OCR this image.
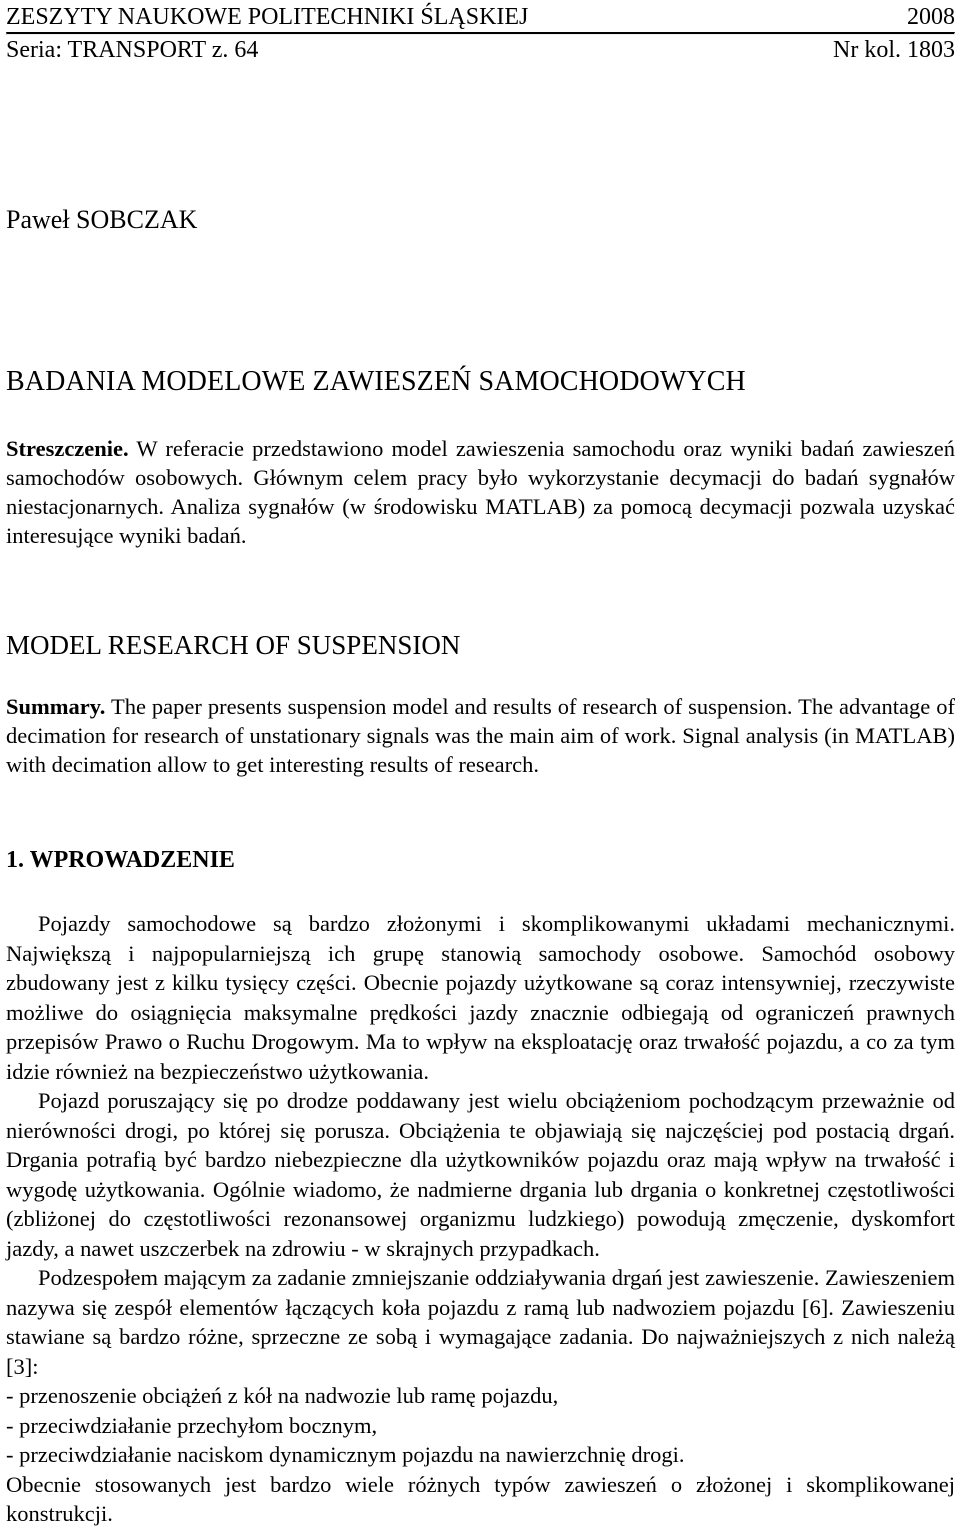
ZESZYTY NAUKOWE POLITECHNIKI ŚLĄSKIEJ	2008
Seria: TRANSPORT z. 64	Nr kol. 1803
Paweł SOBCZAK
BADANIA MODELOWE ZAWIESZEŃ SAMOCHODOWYCH
Streszczenie. W referacie przedstawiono model zawieszenia samochodu oraz wyniki badań zawieszeń samochodów osobowych. Głównym celem pracy było wykorzystanie decymacji do badań sygnałów niestacjonarnych. Analiza sygnałów (w środowisku MATLAB) za pomocą decymacji pozwala uzyskać interesujące wyniki badań.
MODEL RESEARCH OF SUSPENSION
Summary. The paper presents suspension model and results of research of suspension. The advantage of decimation for research of unstationary signals was the main aim of work. Signal analysis (in MATLAB) with decimation allow to get interesting results of research.
1. WPROWADZENIE

Pojazdy samochodowe są bardzo złożonymi i skomplikowanymi układami mechanicznymi. Największą i najpopularniejszą ich grupę stanowią samochody osobowe. Samochód osobowy zbudowany jest z kilku tysięcy części. Obecnie pojazdy użytkowane są coraz intensywniej, rzeczywiste możliwe do osiągnięcia maksymalne prędkości jazdy znacznie odbiegają od ograniczeń prawnych przepisów Prawo o Ruchu Drogowym. Ma to wpływ na eksploatację oraz trwałość pojazdu, a co za tym idzie również na bezpieczeństwo użytkowania.

Pojazd poruszający się po drodze poddawany jest wielu obciążeniom pochodzącym przeważnie od nierówności drogi, po której się porusza. Obciążenia te objawiają się najczęściej pod postacią drgań. Drgania potrafią być bardzo niebezpieczne dla użytkowników pojazdu oraz mają wpływ na trwałość i wygodę użytkowania. Ogólnie wiadomo, że nadmierne drgania lub drgania o konkretnej częstotliwości (zbliżonej do częstotliwości rezonansowej organizmu ludzkiego) powodują zmęczenie, dyskomfort jazdy, a nawet uszczerbek na zdrowiu - w skrajnych przypadkach.

Podzespołem mającym za zadanie zmniejszanie oddziaływania drgań jest zawieszenie. Zawieszeniem nazywa się zespół elementów łączących koła pojazdu z ramą lub nadwoziem pojazdu [6]. Zawieszeniu stawiane są bardzo różne, sprzeczne ze sobą i wymagające zadania. Do najważniejszych z nich należą [3]:

- przenoszenie obciążeń z kół na nadwozie lub ramę pojazdu,

- przeciwdziałanie przechyłom bocznym,

- przeciwdziałanie naciskom dynamicznym pojazdu na nawierzchnię drogi.

Obecnie stosowanych jest bardzo wiele różnych typów zawieszeń o złożonej i skomplikowanej konstrukcji.
